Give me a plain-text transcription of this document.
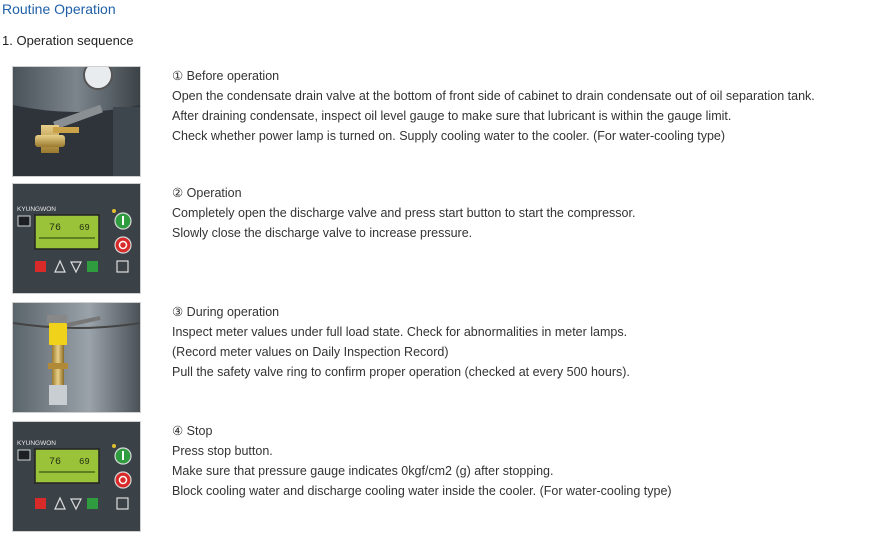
Routine Operation
1. Operation sequence
① Before operation
Open the condensate drain valve at the bottom of front side of cabinet to drain condensate out of oil separation tank.
After draining condensate, inspect oil level gauge to make sure that lubricant is within the gauge limit.
Check whether power lamp is turned on. Supply cooling water to the cooler. (For water-cooling type)
KYUNGWON
76 69
② Operation
Completely open the discharge valve and press start button to start the compressor.
Slowly close the discharge valve to increase pressure.
③ During operation
Inspect meter values under full load state. Check for abnormalities in meter lamps.
(Record meter values on Daily Inspection Record)
Pull the safety valve ring to confirm proper operation (checked at every 500 hours).
KYUNGWON
76 69
④ Stop
Press stop button.
Make sure that pressure gauge indicates 0kgf/cm2 (g) after stopping.
Block cooling water and discharge cooling water inside the cooler. (For water-cooling type)
